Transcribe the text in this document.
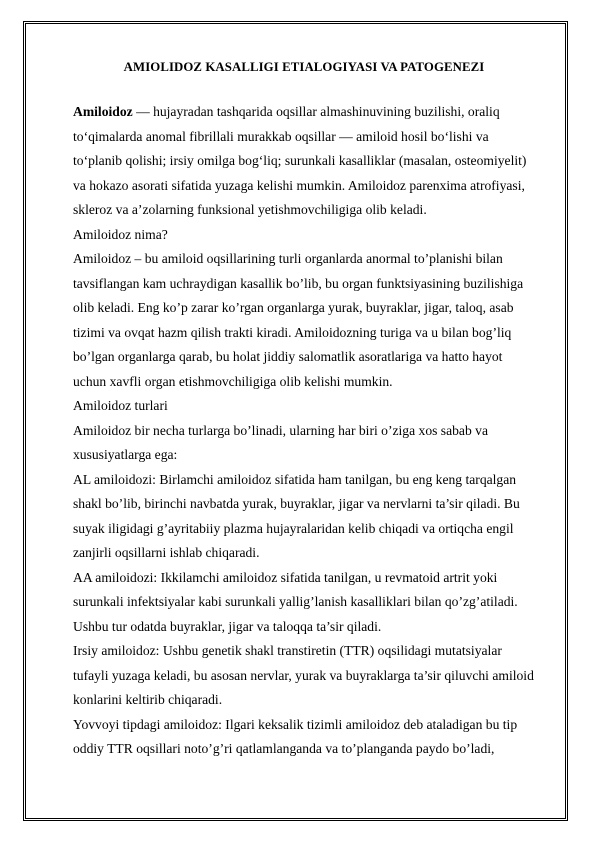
AMIOLIDOZ KASALLIGI ETIALOGIYASI VA PATOGENEZI

Amiloidoz — hujayradan tashqarida oqsillar almashinuvining buzilishi, oraliq to‘qimalarda anomal fibrillali murakkab oqsillar — amiloid hosil bo‘lishi va to‘planib qolishi; irsiy omilga bog‘liq; surunkali kasalliklar (masalan, osteomiyelit) va hokazo asorati sifatida yuzaga kelishi mumkin. Amiloidoz parenxima atrofiyasi, skleroz va a’zolarning funksional yetishmovchiligiga olib keladi.

Amiloidoz nima?

Amiloidoz – bu amiloid oqsillarining turli organlarda anormal to’planishi bilan tavsiflangan kam uchraydigan kasallik bo’lib, bu organ funktsiyasining buzilishiga olib keladi. Eng ko’p zarar ko’rgan organlarga yurak, buyraklar, jigar, taloq, asab tizimi va ovqat hazm qilish trakti kiradi. Amiloidozning turiga va u bilan bog’liq bo’lgan organlarga qarab, bu holat jiddiy salomatlik asoratlariga va hatto hayot uchun xavfli organ etishmovchiligiga olib kelishi mumkin.

Amiloidoz turlari

Amiloidoz bir necha turlarga bo’linadi, ularning har biri o’ziga xos sabab va xususiyatlarga ega:

AL amiloidozi: Birlamchi amiloidoz sifatida ham tanilgan, bu eng keng tarqalgan shakl bo’lib, birinchi navbatda yurak, buyraklar, jigar va nervlarni ta’sir qiladi. Bu suyak iligidagi g’ayritabiiy plazma hujayralaridan kelib chiqadi va ortiqcha engil zanjirli oqsillarni ishlab chiqaradi.

AA amiloidozi: Ikkilamchi amiloidoz sifatida tanilgan, u revmatoid artrit yoki surunkali infektsiyalar kabi surunkali yallig’lanish kasalliklari bilan qo’zg’atiladi. Ushbu tur odatda buyraklar, jigar va taloqqa ta’sir qiladi.

Irsiy amiloidoz: Ushbu genetik shakl transtiretin (TTR) oqsilidagi mutatsiyalar tufayli yuzaga keladi, bu asosan nervlar, yurak va buyraklarga ta’sir qiluvchi amiloid konlarini keltirib chiqaradi.

Yovvoyi tipdagi amiloidoz: Ilgari keksalik tizimli amiloidoz deb ataladigan bu tip oddiy TTR oqsillari noto’g’ri qatlamlanganda va to’planganda paydo bo’ladi,
